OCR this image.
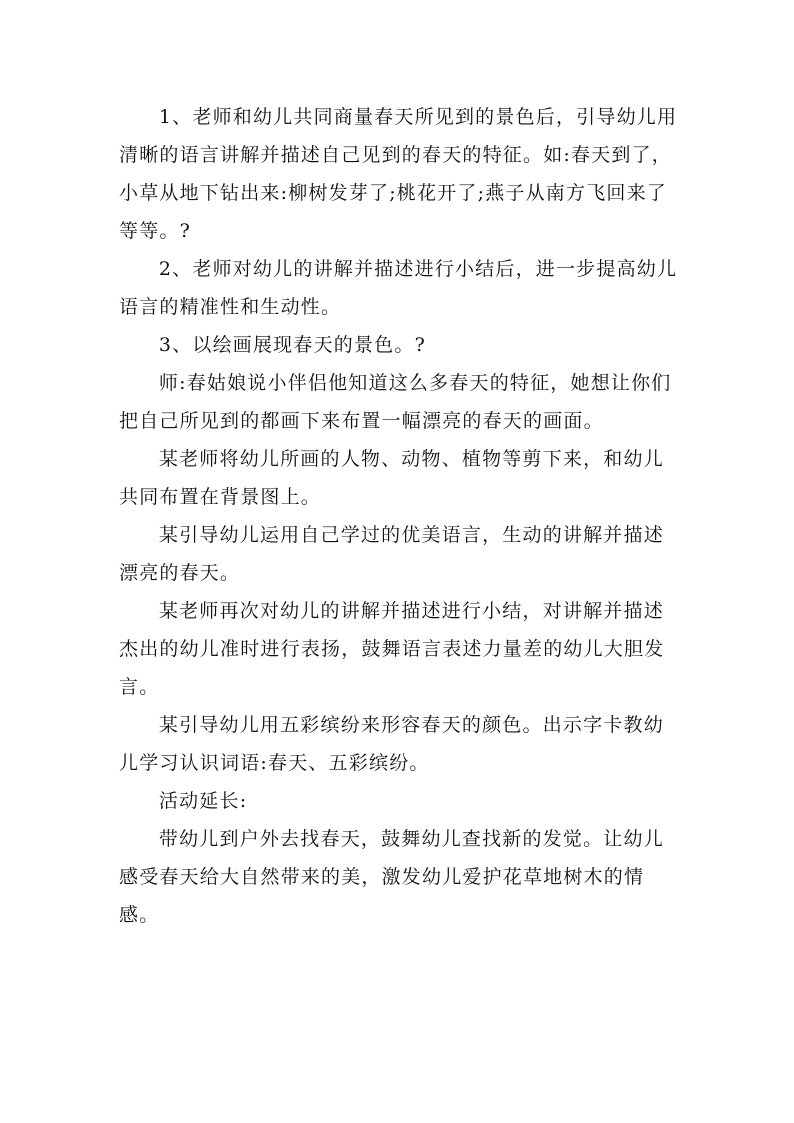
1、老师和幼儿共同商量春天所见到的景色后，引导幼儿用清晰的语言讲解并描述自己见到的春天的特征。如:春天到了，小草从地下钻出来:柳树发芽了;桃花开了;燕子从南方飞回来了等等。?

2、老师对幼儿的讲解并描述进行小结后，进一步提高幼儿语言的精准性和生动性。

3、以绘画展现春天的景色。?

师:春姑娘说小伴侣他知道这么多春天的特征，她想让你们把自己所见到的都画下来布置一幅漂亮的春天的画面。

某老师将幼儿所画的人物、动物、植物等剪下来，和幼儿共同布置在背景图上。

某引导幼儿运用自己学过的优美语言，生动的讲解并描述漂亮的春天。

某老师再次对幼儿的讲解并描述进行小结，对讲解并描述杰出的幼儿准时进行表扬，鼓舞语言表述力量差的幼儿大胆发言。

某引导幼儿用五彩缤纷来形容春天的颜色。出示字卡教幼儿学习认识词语:春天、五彩缤纷。

活动延长:

带幼儿到户外去找春天，鼓舞幼儿查找新的发觉。让幼儿感受春天给大自然带来的美，激发幼儿爱护花草地树木的情感。
